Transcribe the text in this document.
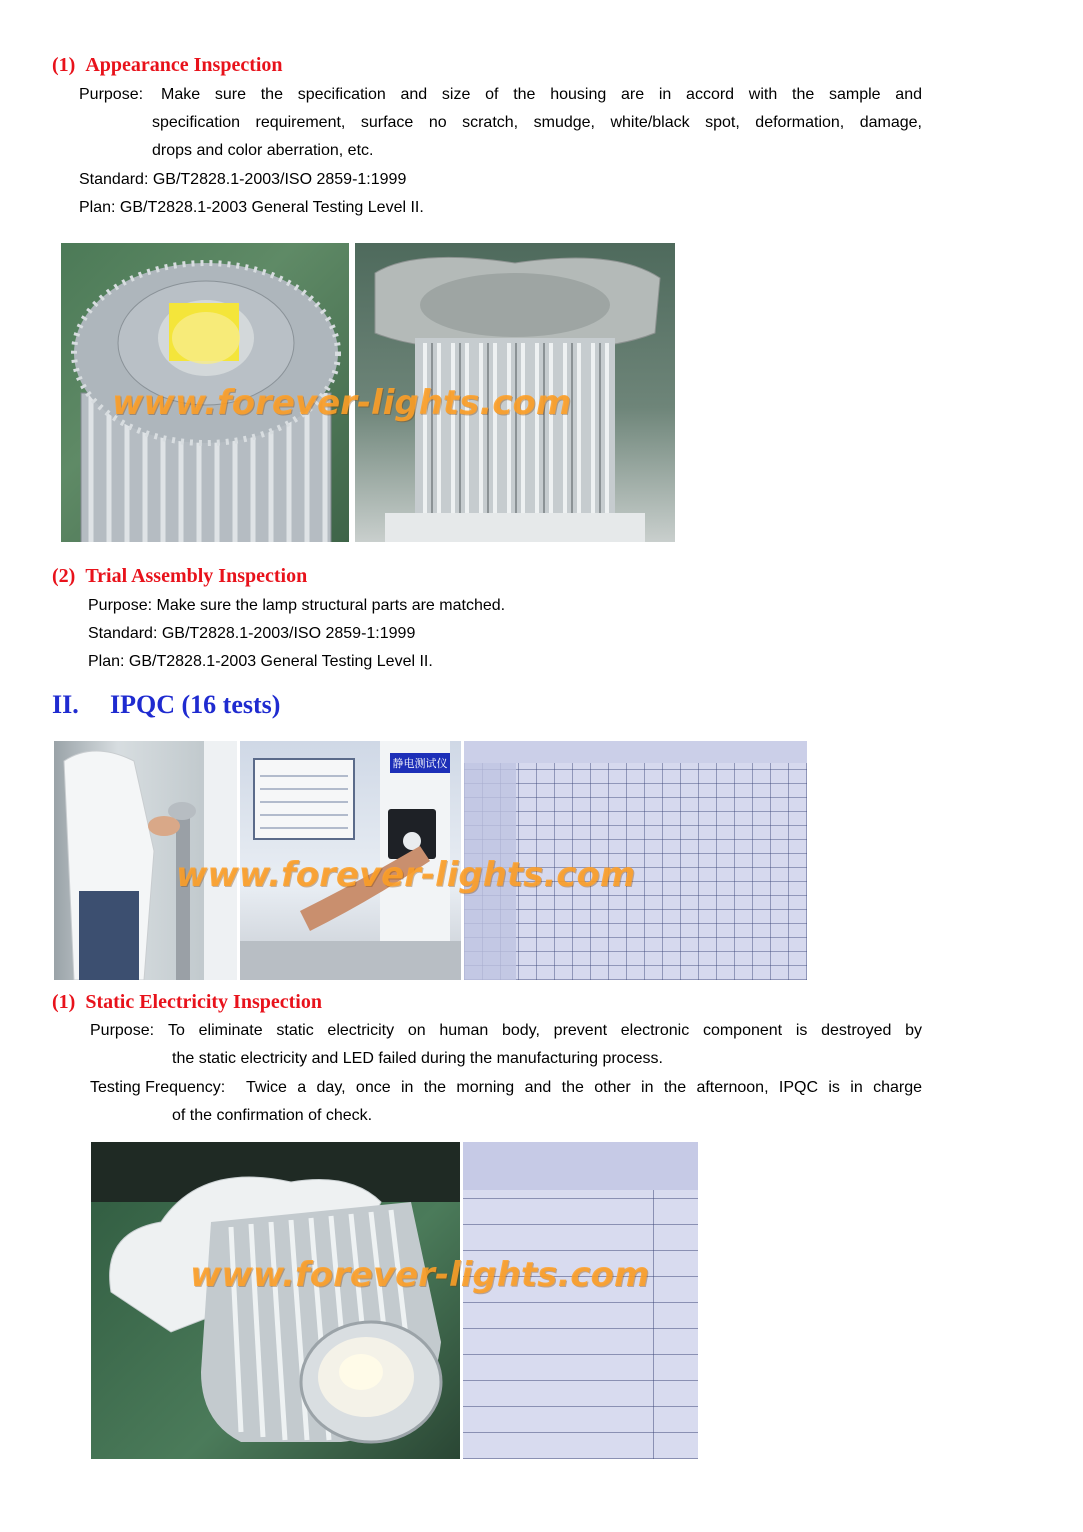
(1) Appearance Inspection
Purpose:	Make sure the specification and size of the housing are in accord with the sample and
specification requirement, surface no scratch, smudge, white/black spot, deformation, damage,
drops and color aberration, etc.
Standard: GB/T2828.1-2003/ISO 2859-1:1999
Plan: GB/T2828.1-2003 General Testing Level II.
www.forever-lights.com
(2) Trial Assembly Inspection
Purpose: Make sure the lamp structural parts are matched.
Standard: GB/T2828.1-2003/ISO 2859-1:1999
Plan: GB/T2828.1-2003 General Testing Level II.
II. IPQC (16 tests)
静电测试仪
www.forever-lights.com
(1) Static Electricity Inspection
Purpose: To eliminate static electricity on human body, prevent electronic component is destroyed by
the static electricity and LED failed during the manufacturing process.
Testing Frequency: Twice a day, once in the morning and the other in the afternoon, IPQC is in charge
of the confirmation of check.
www.forever-lights.com
